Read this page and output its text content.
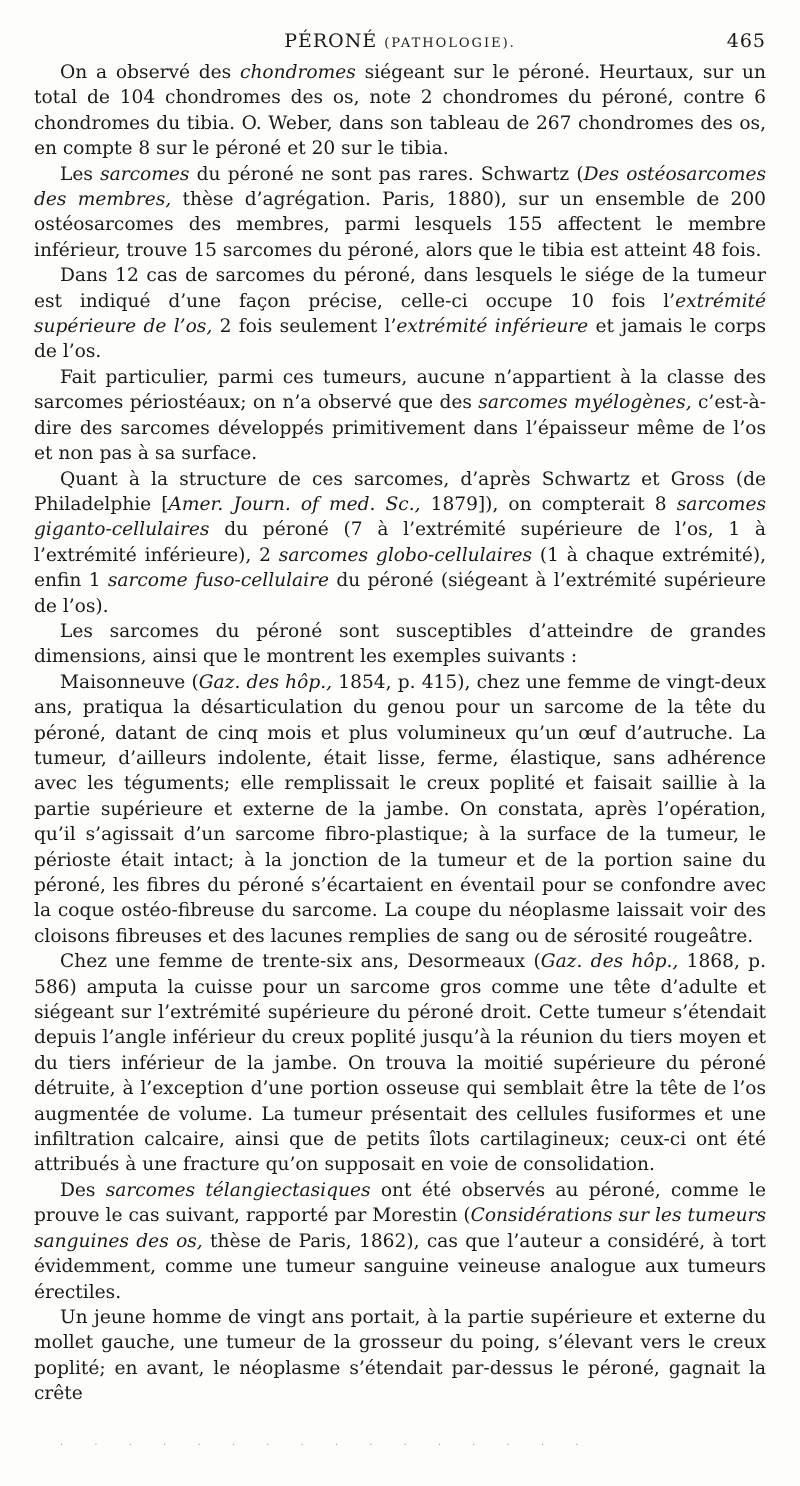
PÉRONÉ (PATHOLOGIE).	465

On a observé des chondromes siégeant sur le péroné. Heurtaux, sur un total de 104 chondromes des os, note 2 chondromes du péroné, contre 6 chondromes du tibia. O. Weber, dans son tableau de 267 chondromes des os, en compte 8 sur le péroné et 20 sur le tibia.

Les sarcomes du péroné ne sont pas rares. Schwartz (Des ostéosarcomes des membres, thèse d’agrégation. Paris, 1880), sur un ensemble de 200 ostéosarcomes des membres, parmi lesquels 155 affectent le membre inférieur, trouve 15 sarcomes du péroné, alors que le tibia est atteint 48 fois.

Dans 12 cas de sarcomes du péroné, dans lesquels le siége de la tumeur est indiqué d’une façon précise, celle-ci occupe 10 fois l’extrémité supérieure de l’os, 2 fois seulement l’extrémité inférieure et jamais le corps de l’os.

Fait particulier, parmi ces tumeurs, aucune n’appartient à la classe des sarcomes périostéaux; on n’a observé que des sarcomes myélogènes, c’est-à-dire des sarcomes développés primitivement dans l’épaisseur même de l’os et non pas à sa surface.

Quant à la structure de ces sarcomes, d’après Schwartz et Gross (de Philadelphie [Amer. Journ. of med. Sc., 1879]), on compterait 8 sarcomes giganto-cellulaires du péroné (7 à l’extrémité supérieure de l’os, 1 à l’extrémité inférieure), 2 sarcomes globo-cellulaires (1 à chaque extrémité), enfin 1 sarcome fuso-cellulaire du péroné (siégeant à l’extrémité supérieure de l’os).

Les sarcomes du péroné sont susceptibles d’atteindre de grandes dimensions, ainsi que le montrent les exemples suivants :

Maisonneuve (Gaz. des hôp., 1854, p. 415), chez une femme de vingt-deux ans, pratiqua la désarticulation du genou pour un sarcome de la tête du péroné, datant de cinq mois et plus volumineux qu’un œuf d’autruche. La tumeur, d’ailleurs indolente, était lisse, ferme, élastique, sans adhérence avec les téguments; elle remplissait le creux poplité et faisait saillie à la partie supérieure et externe de la jambe. On constata, après l’opération, qu’il s’agissait d’un sarcome fibro-plastique; à la surface de la tumeur, le périoste était intact; à la jonction de la tumeur et de la portion saine du péroné, les fibres du péroné s’écartaient en éventail pour se confondre avec la coque ostéo-fibreuse du sarcome. La coupe du néoplasme laissait voir des cloisons fibreuses et des lacunes remplies de sang ou de sérosité rougeâtre.

Chez une femme de trente-six ans, Desormeaux (Gaz. des hôp., 1868, p. 586) amputa la cuisse pour un sarcome gros comme une tête d’adulte et siégeant sur l’extrémité supérieure du péroné droit. Cette tumeur s’étendait depuis l’angle inférieur du creux poplité jusqu’à la réunion du tiers moyen et du tiers inférieur de la jambe. On trouva la moitié supérieure du péroné détruite, à l’exception d’une portion osseuse qui semblait être la tête de l’os augmentée de volume. La tumeur présentait des cellules fusiformes et une infiltration calcaire, ainsi que de petits îlots cartilagineux; ceux-ci ont été attribués à une fracture qu’on supposait en voie de consolidation.

Des sarcomes télangiectasiques ont été observés au péroné, comme le prouve le cas suivant, rapporté par Morestin (Considérations sur les tumeurs sanguines des os, thèse de Paris, 1862), cas que l’auteur a considéré, à tort évidemment, comme une tumeur sanguine veineuse analogue aux tumeurs érectiles.

Un jeune homme de vingt ans portait, à la partie supérieure et externe du mollet gauche, une tumeur de la grosseur du poing, s’élevant vers le creux poplité; en avant, le néoplasme s’étendait par-dessus le péroné, gagnait la crête

· · · · · · · · · · · · · · · ·
